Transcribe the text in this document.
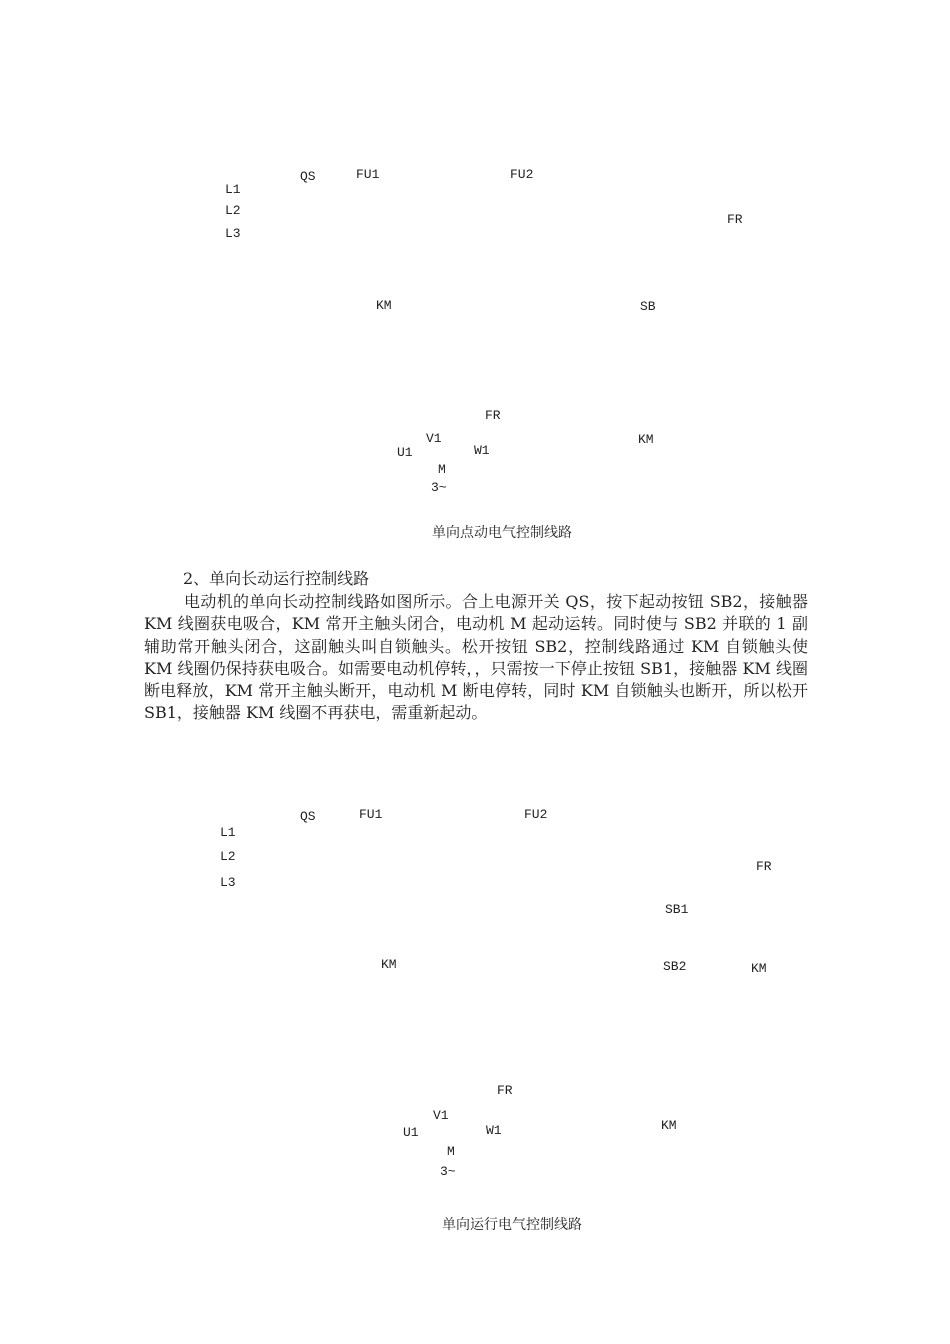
QS	FU1	FU2
L1
L2
L3
FR
KM	SB
FR
V1
U1	W1
KM
M
3~
单向点动电气控制线路
2、单向长动运行控制线路

电动机的单向长动控制线路如图所示。合上电源开关 QS，按下起动按钮 SB2，接触器 KM 线圈获电吸合，KM 常开主触头闭合，电动机 M 起动运转。同时使与 SB2 并联的 1 副辅助常开触头闭合，这副触头叫自锁触头。松开按钮 SB2，控制线路通过 KM 自锁触头使 KM 线圈仍保持获电吸合。如需要电动机停转，，只需按一下停止按钮 SB1，接触器 KM 线圈断电释放，KM 常开主触头断开，电动机 M 断电停转，同时 KM 自锁触头也断开，所以松开 SB1，接触器 KM 线圈不再获电，需重新起动。

QS	FU1	FU2
L1
L2
L3
FR
SB1
KM	SB2	KM
FR
V1
U1	W1	KM
M
3~
单向运行电气控制线路
